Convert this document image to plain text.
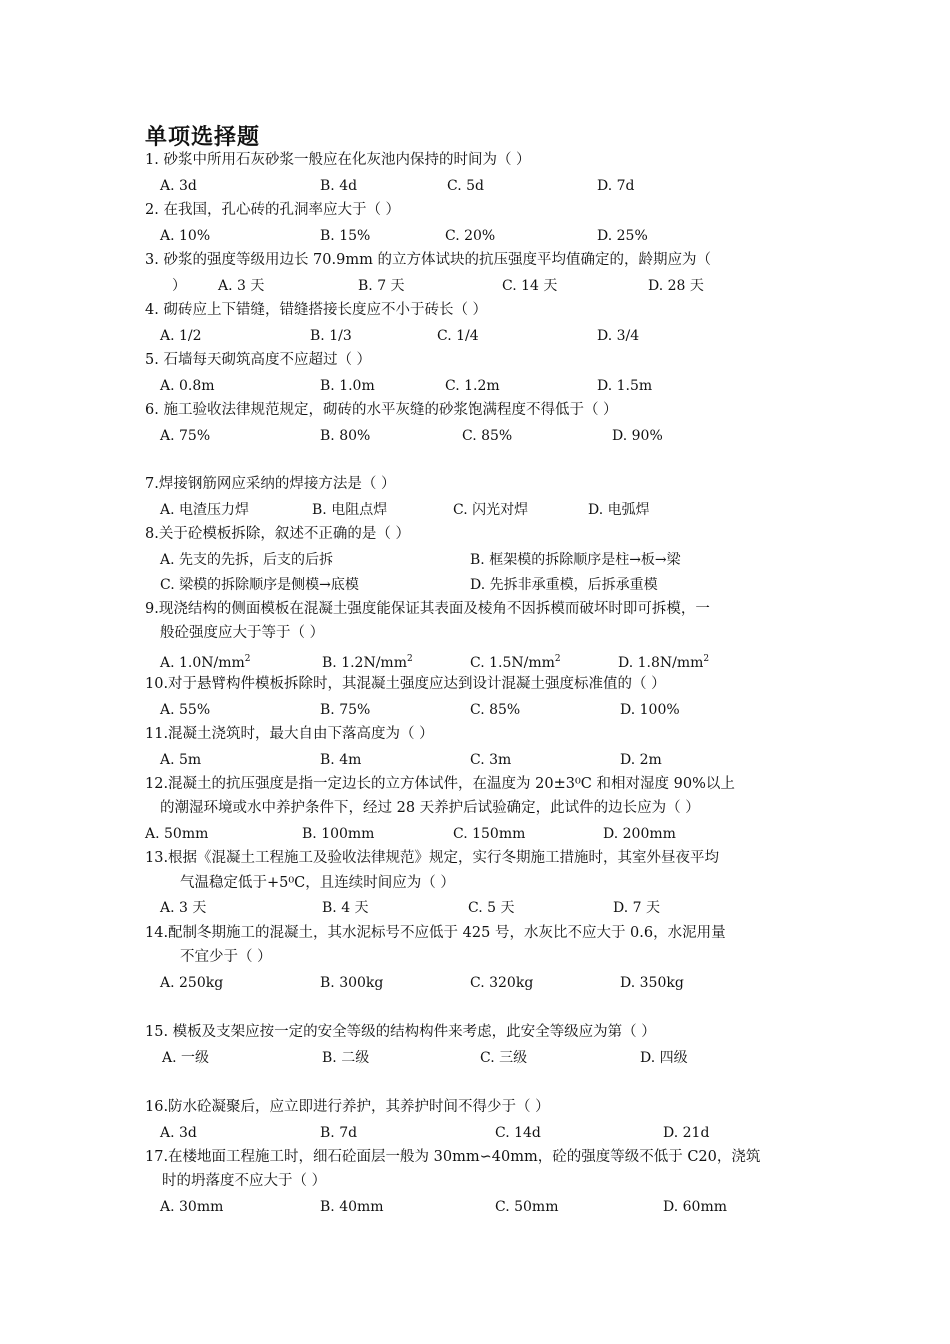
单项选择题
1. 砂浆中所用石灰砂浆一般应在化灰池内保持的时间为（ ）
A. 3d	B. 4d	C. 5d	D. 7d
2. 在我国，孔心砖的孔洞率应大于（ ）
A. 10%	B. 15%	C. 20%	D. 25%
3. 砂浆的强度等级用边长 70.9mm 的立方体试块的抗压强度平均值确定的，龄期应为（
） A. 3 天	B. 7 天	C. 14 天	D. 28 天
4. 砌砖应上下错缝，错缝搭接长度应不小于砖长（ ）
A. 1/2	B. 1/3	C. 1/4	D. 3/4
5. 石墙每天砌筑高度不应超过（ ）
A. 0.8m	B. 1.0m	C. 1.2m	D. 1.5m
6. 施工验收法律规范规定，砌砖的水平灰缝的砂浆饱满程度不得低于（ ）
A. 75%	B. 80%	C. 85%	D. 90%
7.焊接钢筋网应采纳的焊接方法是（ ）
A. 电渣压力焊	B. 电阻点焊	C. 闪光对焊	D. 电弧焊
8.关于砼模板拆除，叙述不正确的是（ ）
A. 先支的先拆，后支的后拆	B. 框架模的拆除顺序是柱→板→梁
C. 梁模的拆除顺序是侧模→底模	D. 先拆非承重模，后拆承重模
9.现浇结构的侧面模板在混凝土强度能保证其表面及棱角不因拆模而破坏时即可拆模，一
般砼强度应大于等于（ ）
A. $1.0N/mm^2$	B. $1.2N/mm^2$	C. $1.5N/mm^2$	D. $1.8N/mm^2$
10.对于悬臂构件模板拆除时，其混凝土强度应达到设计混凝土强度标准值的（ ）
A. 55%	B. 75%	C. 85%	D. 100%
11.混凝土浇筑时，最大自由下落高度为（ ）
A. 5m	B. 4m	C. 3m	D. 2m
12.混凝土的抗压强度是指一定边长的立方体试件，在温度为 20±3⁰C 和相对湿度 90%以上
的潮湿环境或水中养护条件下，经过 28 天养护后试验确定，此试件的边长应为（ ）
A. 50mm	B. 100mm	C. 150mm	D. 200mm
13.根据《混凝土工程施工及验收法律规范》规定，实行冬期施工措施时，其室外昼夜平均
气温稳定低于+5⁰C，且连续时间应为（ ）
A. 3 天	B. 4 天	C. 5 天	D. 7 天
14.配制冬期施工的混凝土，其水泥标号不应低于 425 号，水灰比不应大于 0.6，水泥用量
不宜少于（ ）
A. 250kg	B. 300kg	C. 320kg	D. 350kg
15. 模板及支架应按一定的安全等级的结构构件来考虑，此安全等级应为第（ ）
A. 一级	B. 二级	C. 三级	D. 四级
16.防水砼凝聚后，应立即进行养护，其养护时间不得少于（ ）
A. 3d	B. 7d	C. 14d	D. 21d
17.在楼地面工程施工时，细石砼面层一般为 30mm∽40mm，砼的强度等级不低于 C20，浇筑
时的坍落度不应大于（ ）
A. 30mm	B. 40mm	C. 50mm	D. 60mm
